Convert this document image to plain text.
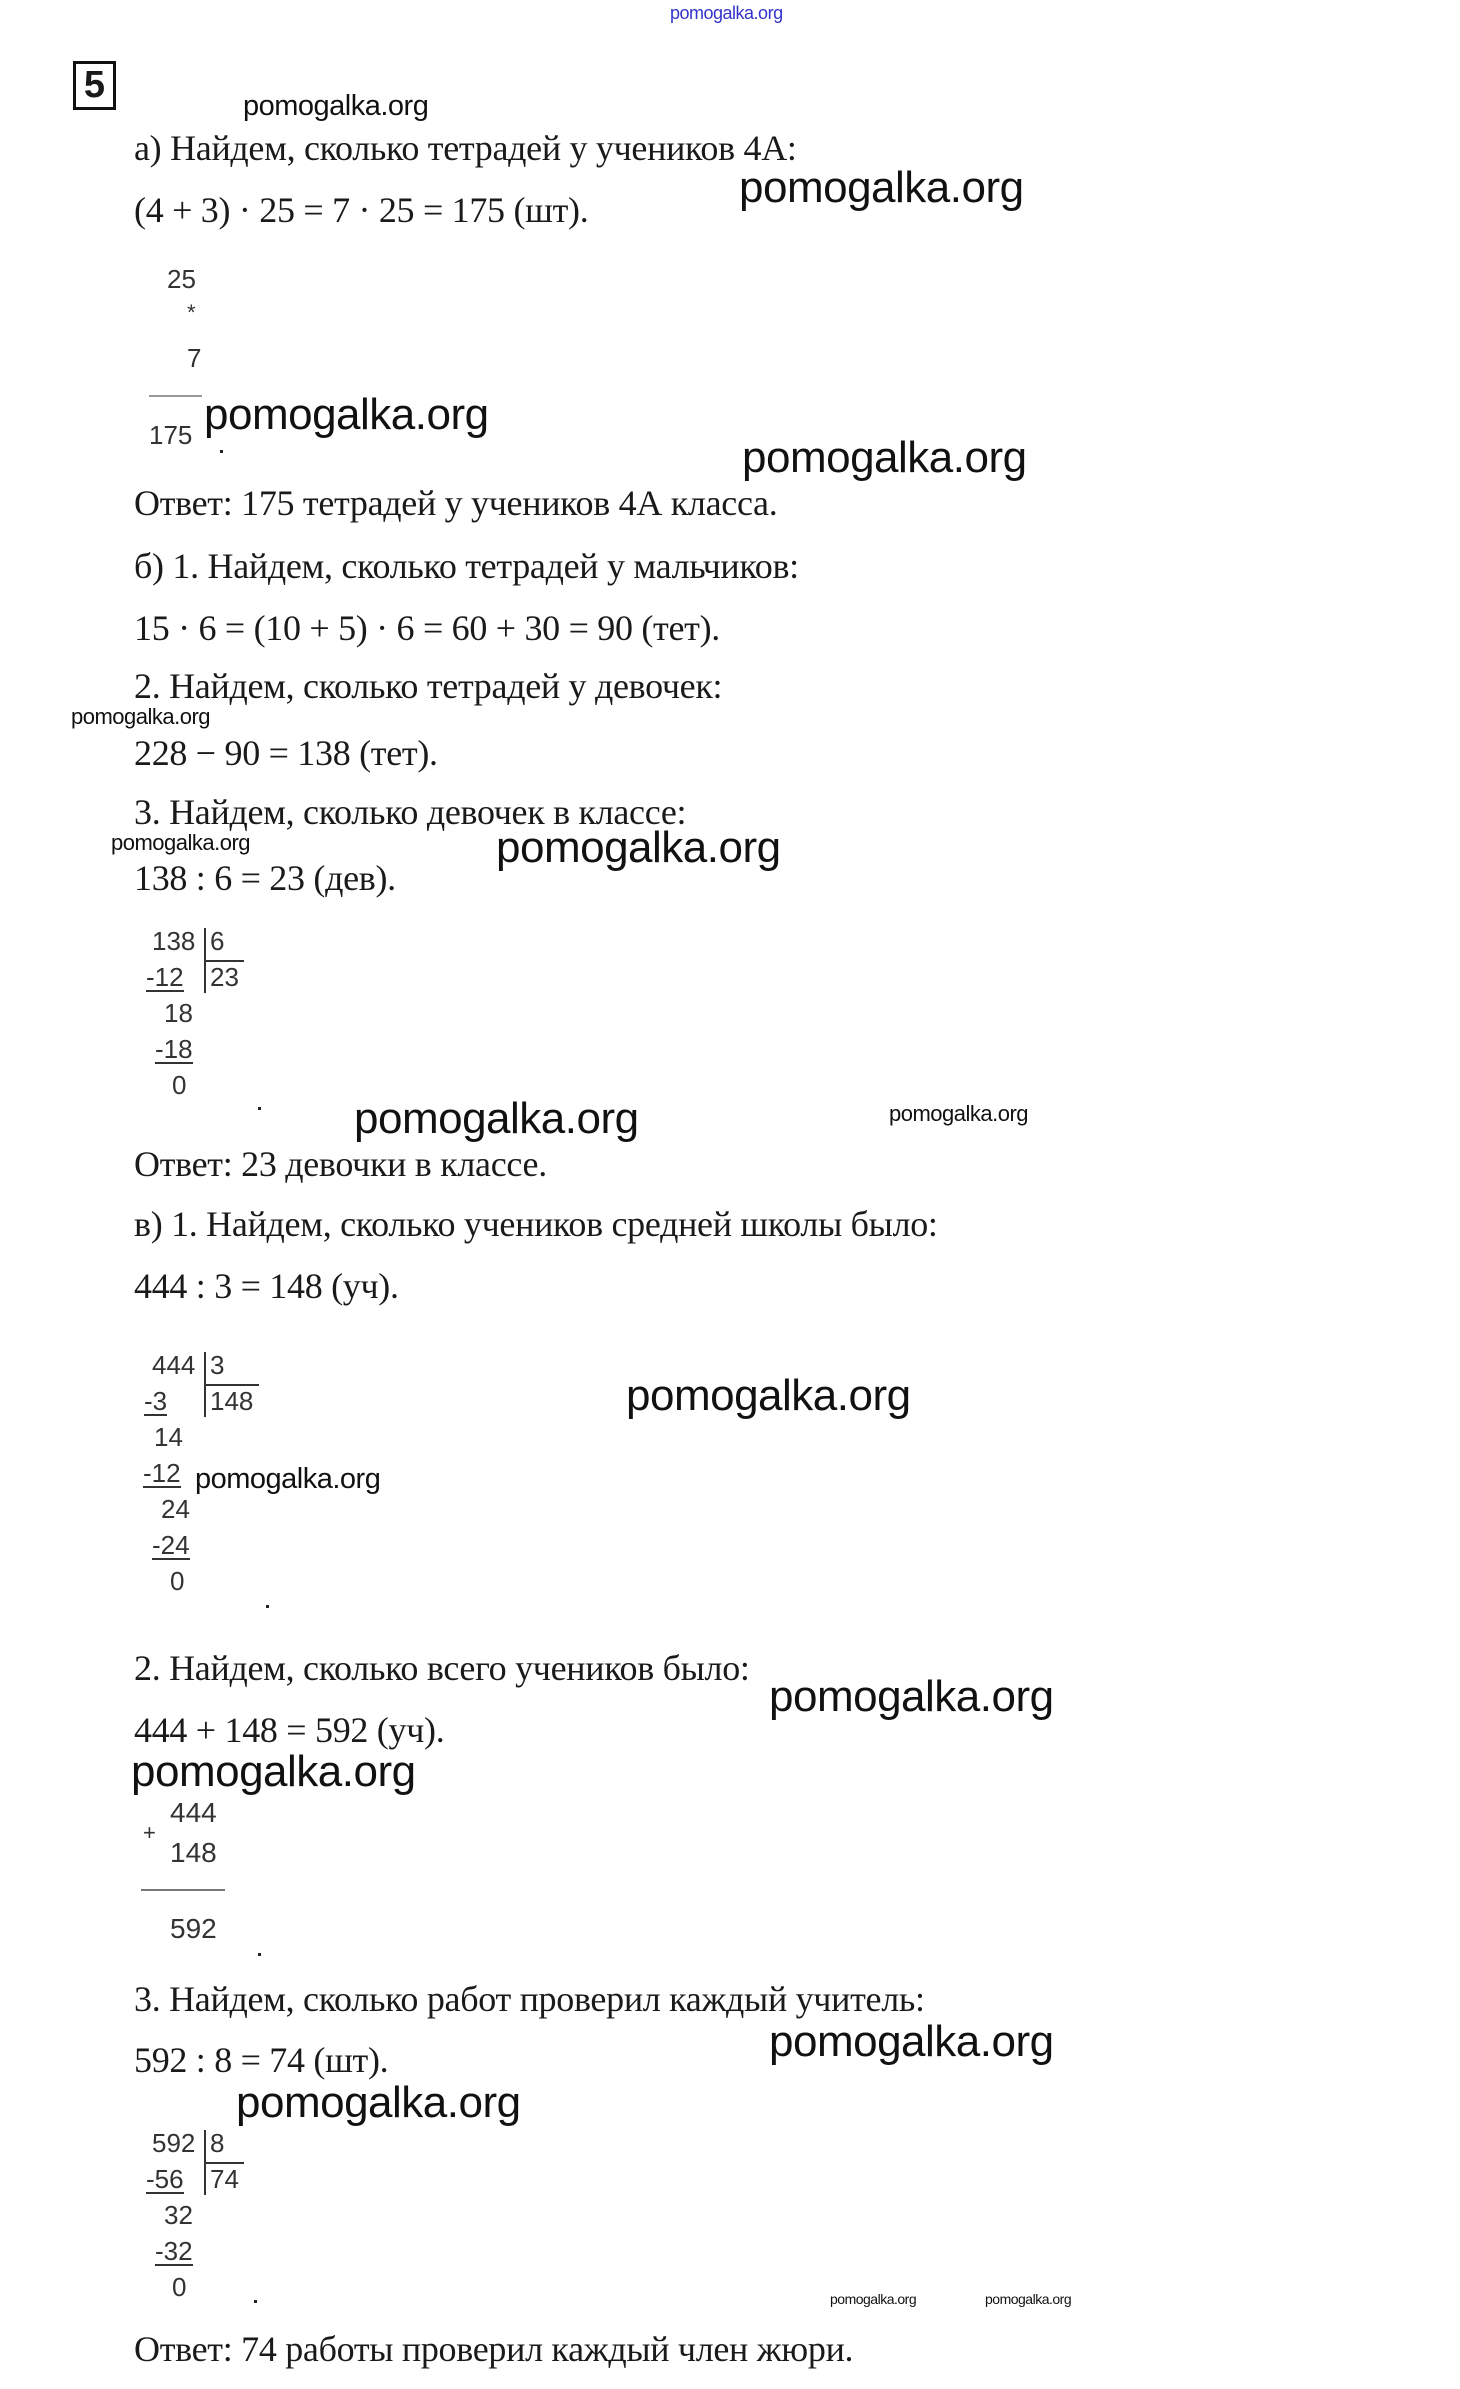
pomogalka.org
pomogalka.org
pomogalka.org
pomogalka.org
pomogalka.org
pomogalka.org
pomogalka.org	pomogalka.org
pomogalka.org	pomogalka.org
pomogalka.org
pomogalka.org
pomogalka.org
pomogalka.org
pomogalka.org
pomogalka.org
pomogalka.org	pomogalka.org
5
а) Найдем, сколько тетрадей у учеников 4А:
(4 + 3) · 25 = 7 · 25 = 175 (шт).
25
*
7
175
Ответ: 175 тетрадей у учеников 4А класса.
б) 1. Найдем, сколько тетрадей у мальчиков:
15 · 6 = (10 + 5) · 6 = 60 + 30 = 90 (тет).
2. Найдем, сколько тетрадей у девочек:
228 − 90 = 138 (тет).
3. Найдем, сколько девочек в классе:
138 : 6 = 23 (дев).
138 6
-12 23
18
-18
0
Ответ: 23 девочки в классе.
в) 1. Найдем, сколько учеников средней школы было:
444 : 3 = 148 (уч).
444 3
-3 148
14
-12
24
-24
0
2. Найдем, сколько всего учеников было:
444 + 148 = 592 (уч).
+
444
148
592
3. Найдем, сколько работ проверил каждый учитель:
592 : 8 = 74 (шт).
592 8
-56 74
32
-32
0
Ответ: 74 работы проверил каждый член жюри.
